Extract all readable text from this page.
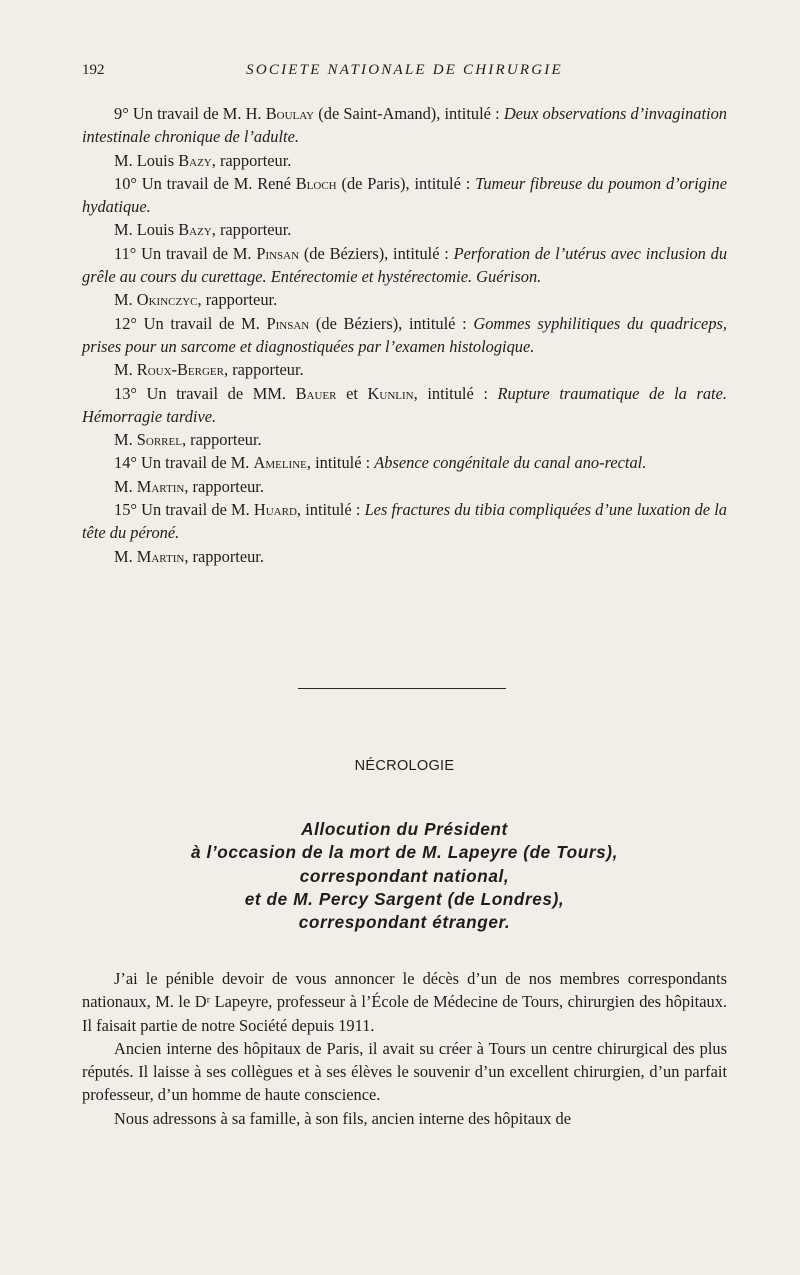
192	SOCIETE NATIONALE DE CHIRURGIE

9° Un travail de M. H. Boulay (de Saint-Amand), intitulé : Deux observations d’invagination intestinale chronique de l’adulte.

M. Louis Bazy, rapporteur.

10° Un travail de M. René Bloch (de Paris), intitulé : Tumeur fibreuse du poumon d’origine hydatique.

M. Louis Bazy, rapporteur.

11° Un travail de M. Pinsan (de Béziers), intitulé : Perforation de l’utérus avec inclusion du grêle au cours du curettage. Entérectomie et hystérectomie. Guérison.

M. Okinczyc, rapporteur.

12° Un travail de M. Pinsan (de Béziers), intitulé : Gommes syphilitiques du quadriceps, prises pour un sarcome et diagnostiquées par l’examen histologique.

M. Roux-Berger, rapporteur.

13° Un travail de MM. Bauer et Kunlin, intitulé : Rupture traumatique de la rate. Hémorragie tardive.

M. Sorrel, rapporteur.

14° Un travail de M. Ameline, intitulé : Absence congénitale du canal ano-rectal.

M. Martin, rapporteur.

15° Un travail de M. Huard, intitulé : Les fractures du tibia compliquées d’une luxation de la tête du péroné.

M. Martin, rapporteur.

NÉCROLOGIE
Allocution du Président
à l’occasion de la mort de M. Lapeyre (de Tours),
correspondant national,
et de M. Percy Sargent (de Londres),
correspondant étranger.

J’ai le pénible devoir de vous annoncer le décès d’un de nos membres correspondants nationaux, M. le Dʳ Lapeyre, professeur à l’École de Médecine de Tours, chirurgien des hôpitaux. Il faisait partie de notre Société depuis 1911.

Ancien interne des hôpitaux de Paris, il avait su créer à Tours un centre chirurgical des plus réputés. Il laisse à ses collègues et à ses élèves le souvenir d’un excellent chirurgien, d’un parfait professeur, d’un homme de haute conscience.

Nous adressons à sa famille, à son fils, ancien interne des hôpitaux de
